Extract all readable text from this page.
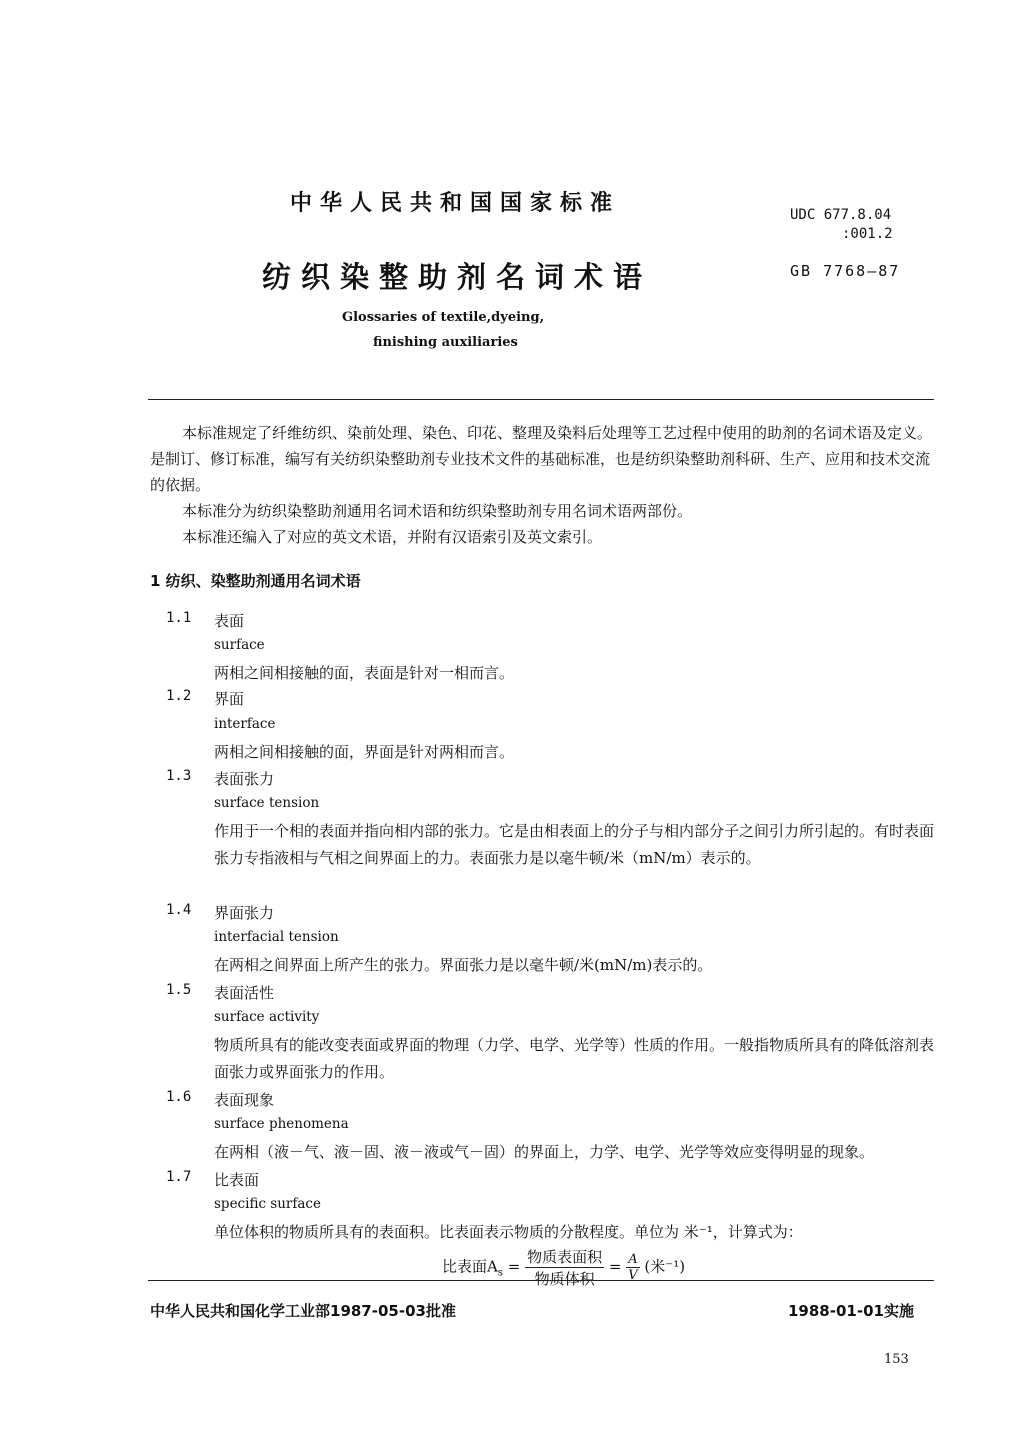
中华人民共和国国家标准
纺织染整助剂名词术语
Glossaries of textile,dyeing,
finishing auxiliaries
UDC 677.8.04
:001.2
GB 7768—87

本标准规定了纤维纺织、染前处理、染色、印花、整理及染料后处理等工艺过程中使用的助剂的名词术语及定义。是制订、修订标准，编写有关纺织染整助剂专业技术文件的基础标准，也是纺织染整助剂科研、生产、应用和技术交流的依据。

本标准分为纺织染整助剂通用名词术语和纺织染整助剂专用名词术语两部份。

本标准还编入了对应的英文术语，并附有汉语索引及英文索引。

1 纺织、染整助剂通用名词术语
1.1	表面
surface
两相之间相接触的面，表面是针对一相而言。
1.2	界面
interface
两相之间相接触的面，界面是针对两相而言。
1.3	表面张力
surface tension
作用于一个相的表面并指向相内部的张力。它是由相表面上的分子与相内部分子之间引力所引起的。有时表面张力专指液相与气相之间界面上的力。表面张力是以毫牛顿/米（mN/m）表示的。
1.4	界面张力
interfacial tension
在两相之间界面上所产生的张力。界面张力是以毫牛顿/米(mN/m)表示的。
1.5	表面活性
surface activity
物质所具有的能改变表面或界面的物理（力学、电学、光学等）性质的作用。一般指物质所具有的降低溶剂表面张力或界面张力的作用。
1.6	表面现象
surface phenomena
在两相（液－气、液－固、液－液或气－固）的界面上，力学、电学、光学等效应变得明显的现象。
1.7	比表面
specific surface
单位体积的物质所具有的表面积。比表面表示物质的分散程度。单位为 米⁻¹，计算式为：
比表面$A_s = \frac{\text{物质表面积}}{\text{物质体积}} = \frac{A}{V}$ (米⁻¹)
中华人民共和国化学工业部1987-05-03批准	1988-01-01实施
153
